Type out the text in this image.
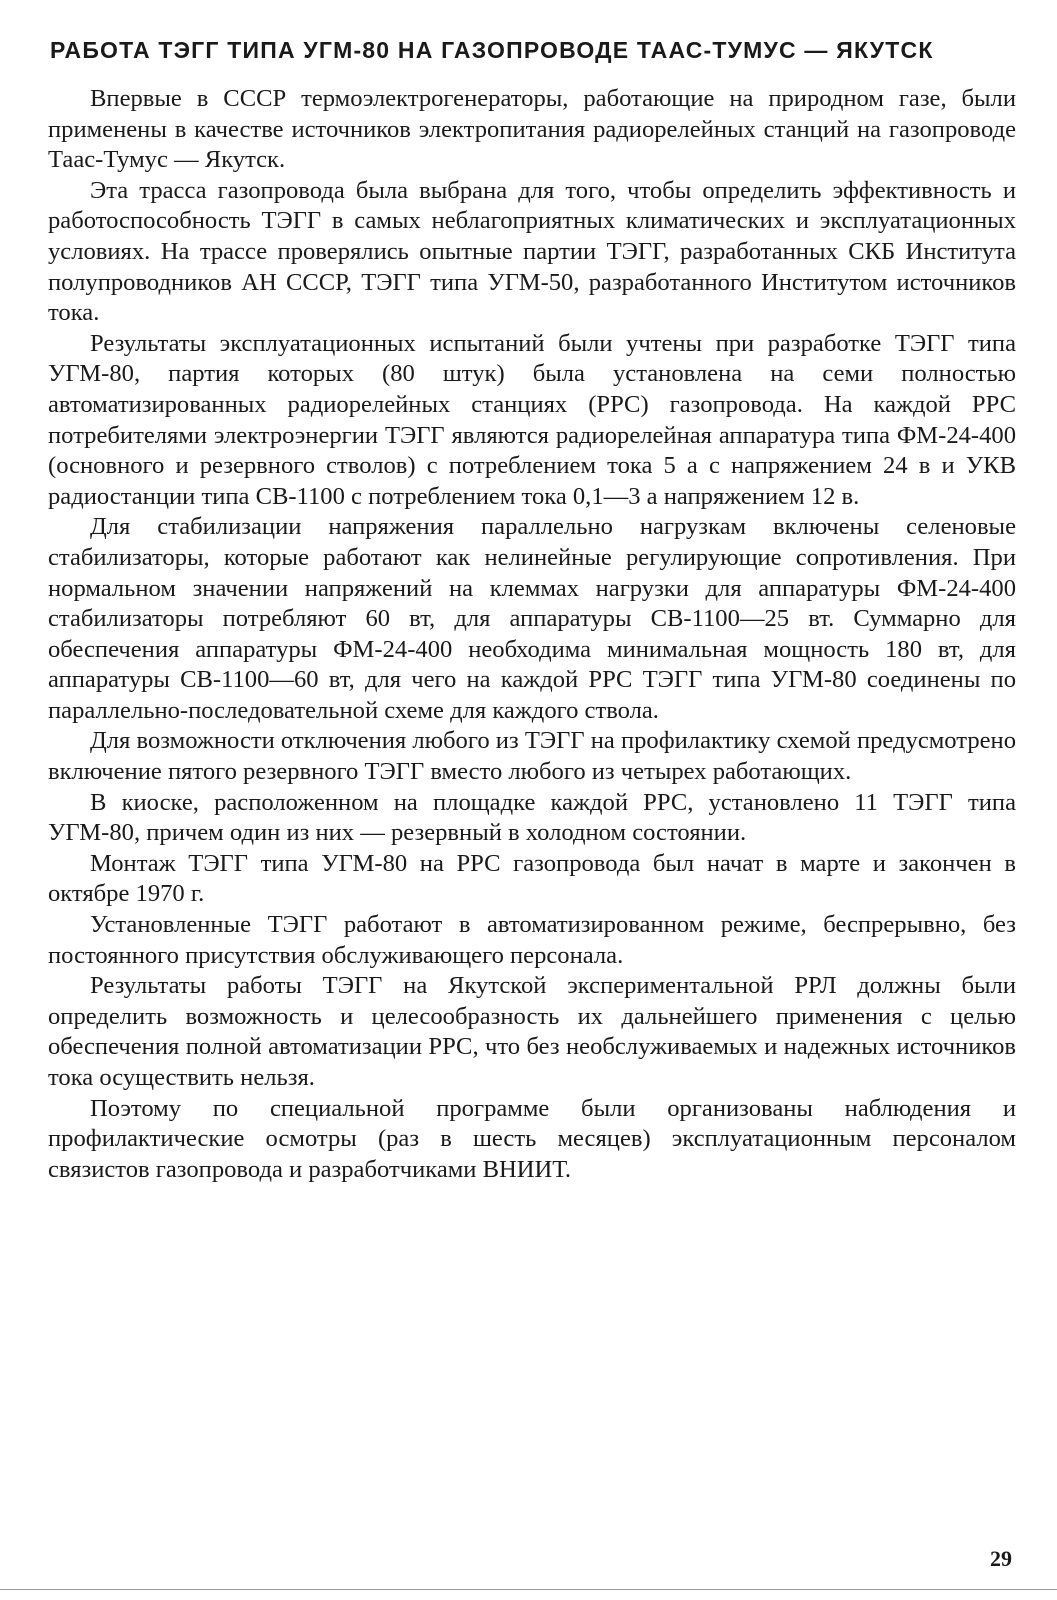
РАБОТА ТЭГГ ТИПА УГМ-80 НА ГАЗОПРОВОДЕ ТААС-ТУМУС — ЯКУТСК

Впервые в СССР термоэлектрогенераторы, работающие на природном газе, были применены в качестве источников электропитания радиорелейных станций на газопроводе Таас-Тумус — Якутск.

Эта трасса газопровода была выбрана для того, чтобы определить эффективность и работоспособность ТЭГГ в самых неблагоприятных климатических и эксплуатационных условиях. На трассе проверялись опытные партии ТЭГГ, разработанных СКБ Института полупроводников АН СССР, ТЭГГ типа УГМ-50, разработанного Институтом источников тока.

Результаты эксплуатационных испытаний были учтены при разработке ТЭГГ типа УГМ-80, партия которых (80 штук) была установлена на семи полностью автоматизированных радиорелейных станциях (РРС) газопровода. На каждой РРС потребителями электроэнергии ТЭГГ являются радиорелейная аппаратура типа ФМ-24-400 (основного и резервного стволов) с потреблением тока 5 а с напряжением 24 в и УКВ радиостанции типа СВ-1100 с потреблением тока 0,1—3 а напряжением 12 в.

Для стабилизации напряжения параллельно нагрузкам включены селеновые стабилизаторы, которые работают как нелинейные регулирующие сопротивления. При нормальном значении напряжений на клеммах нагрузки для аппаратуры ФМ-24-400 стабилизаторы потребляют 60 вт, для аппаратуры СВ-1100—25 вт. Суммарно для обеспечения аппаратуры ФМ-24-400 необходима минимальная мощность 180 вт, для аппаратуры СВ-1100—60 вт, для чего на каждой РРС ТЭГГ типа УГМ-80 соединены по параллельно-последовательной схеме для каждого ствола.

Для возможности отключения любого из ТЭГГ на профилактику схемой предусмотрено включение пятого резервного ТЭГГ вместо любого из четырех работающих.

В киоске, расположенном на площадке каждой РРС, установлено 11 ТЭГГ типа УГМ-80, причем один из них — резервный в холодном состоянии.

Монтаж ТЭГГ типа УГМ-80 на РРС газопровода был начат в марте и закончен в октябре 1970 г.

Установленные ТЭГГ работают в автоматизированном режиме, беспрерывно, без постоянного присутствия обслуживающего персонала.

Результаты работы ТЭГГ на Якутской экспериментальной РРЛ должны были определить возможность и целесообразность их дальнейшего применения с целью обеспечения полной автоматизации РРС, что без необслуживаемых и надежных источников тока осуществить нельзя.

Поэтому по специальной программе были организованы наблюдения и профилактические осмотры (раз в шесть месяцев) эксплуатационным персоналом связистов газопровода и разработчиками ВНИИТ.

29
